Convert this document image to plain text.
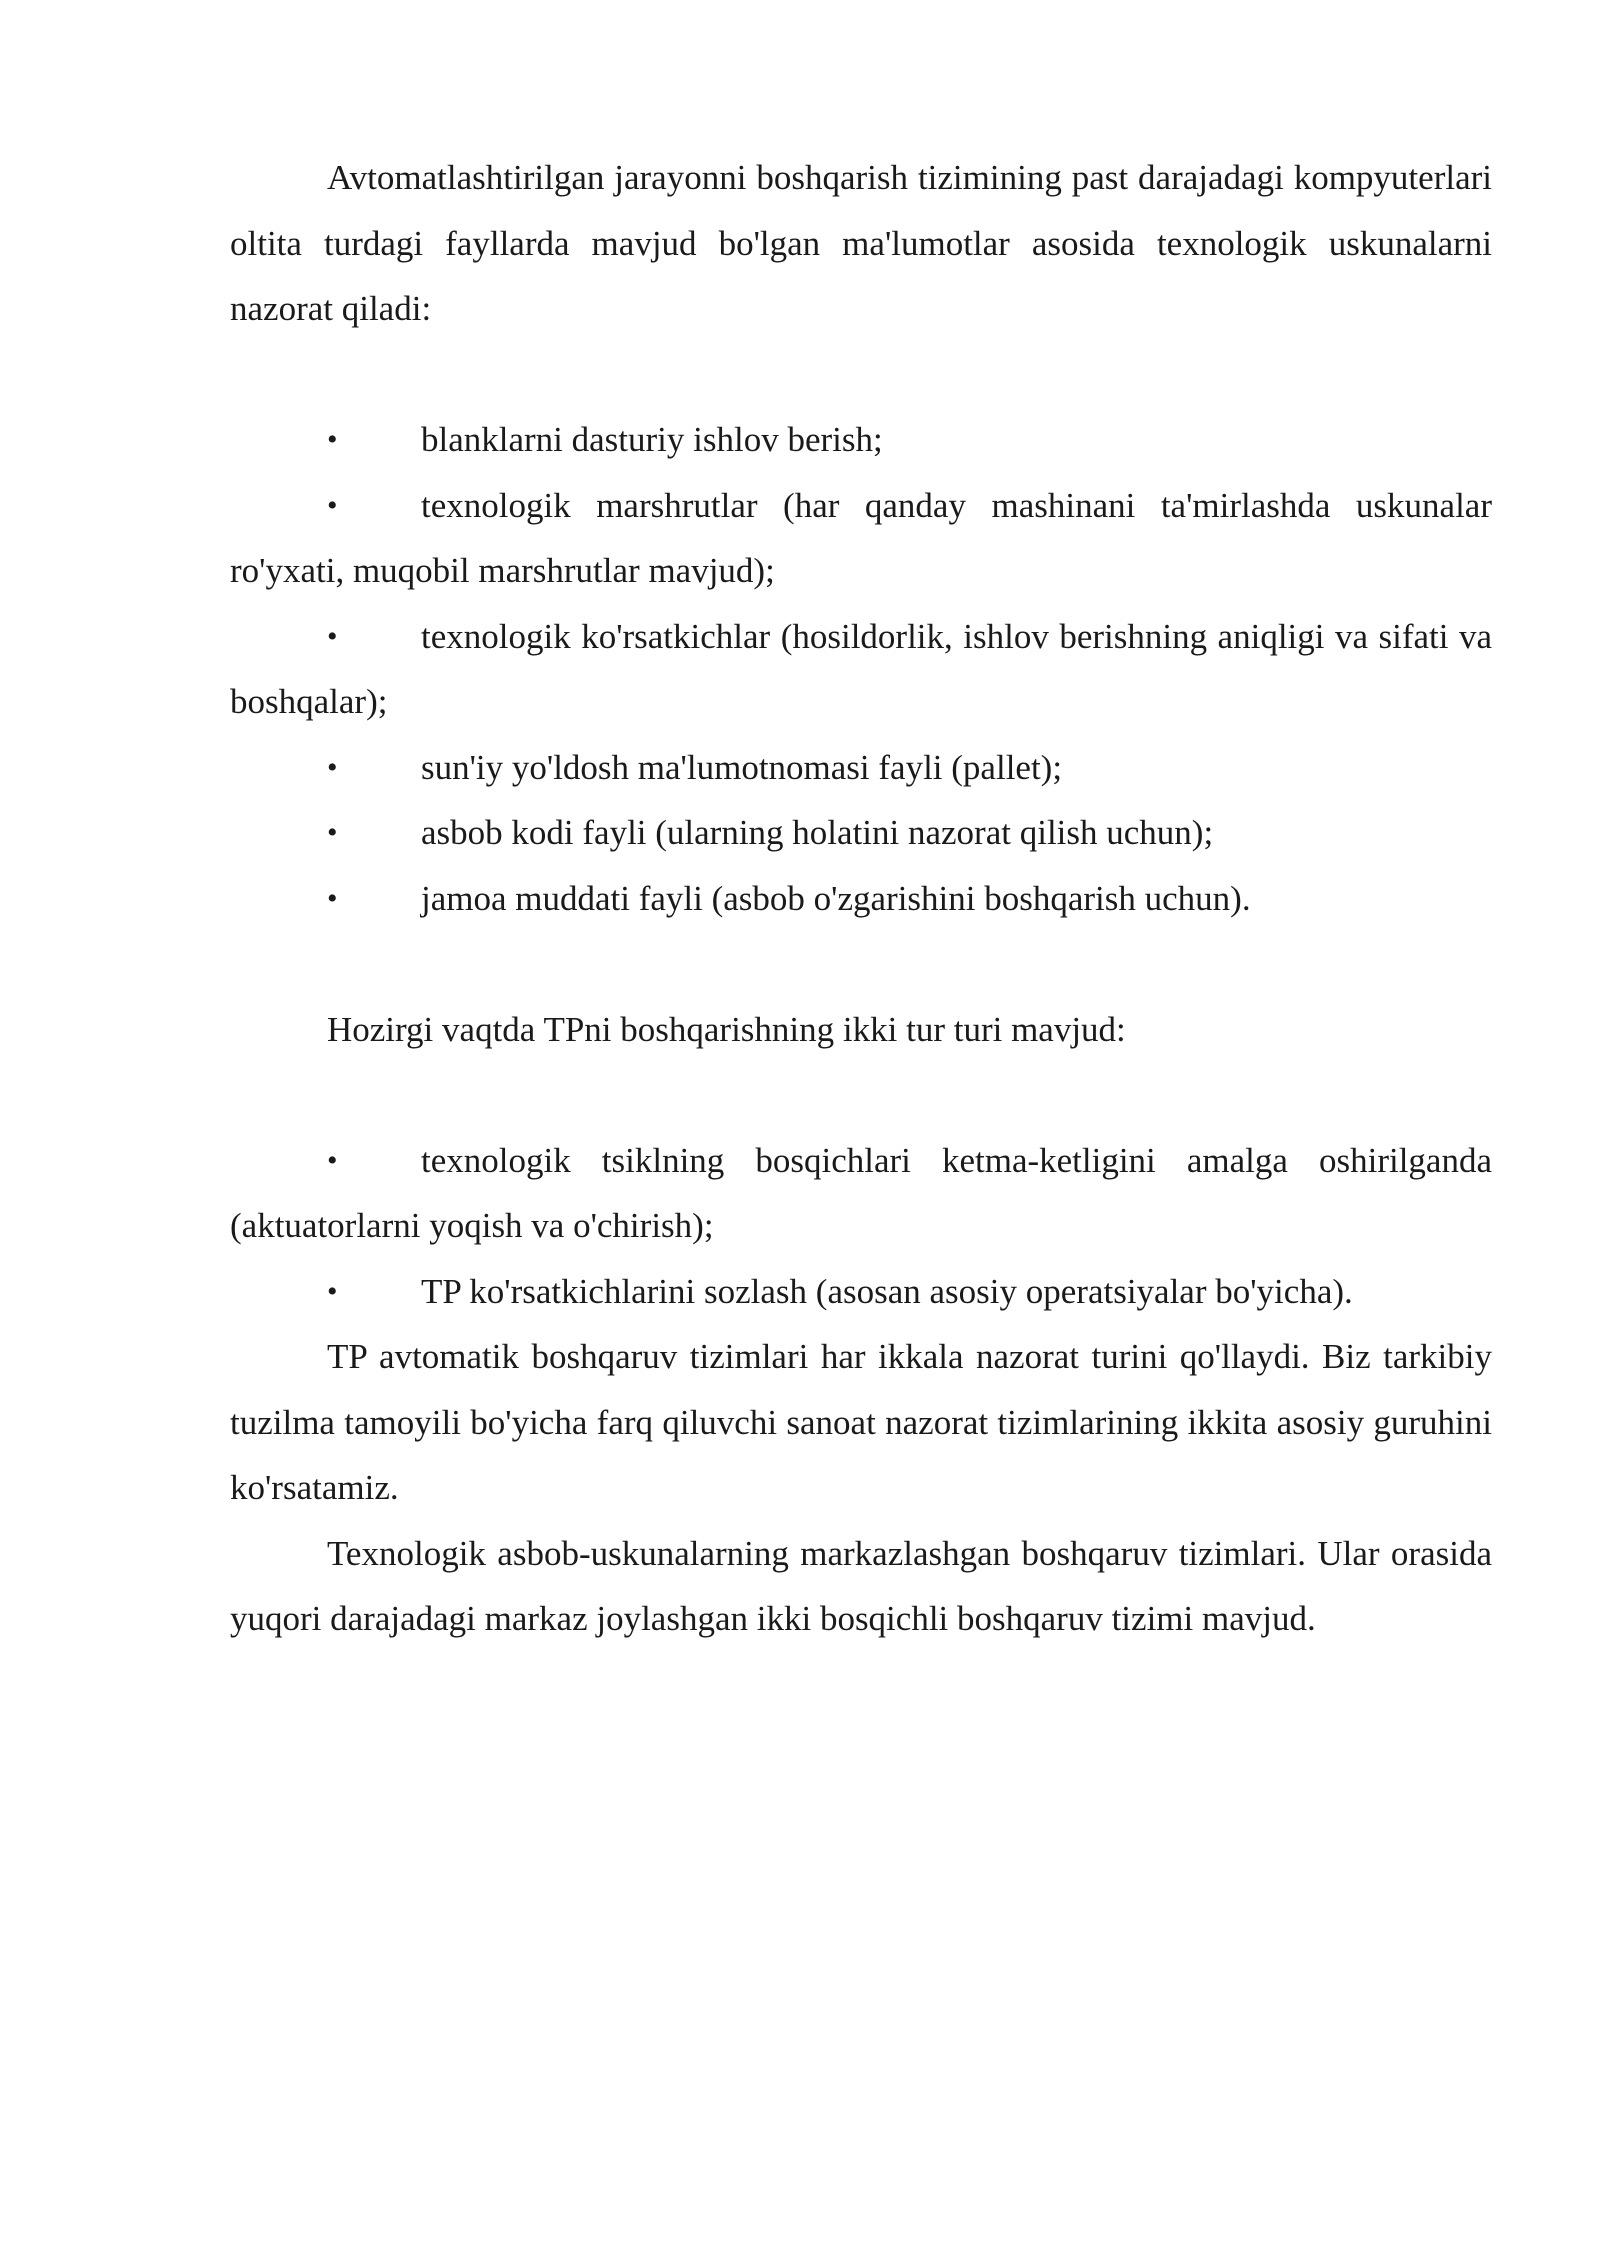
Avtomatlashtirilgan jarayonni boshqarish tizimining past darajadagi kompyuterlari oltita turdagi fayllarda mavjud bo'lgan ma'lumotlar asosida texnologik uskunalarni nazorat qiladi:

• blanklarni dasturiy ishlov berish;
• texnologik marshrutlar (har qanday mashinani ta'mirlashda uskunalar ro'yxati, muqobil marshrutlar mavjud);
• texnologik ko'rsatkichlar (hosildorlik, ishlov berishning aniqligi va sifati va boshqalar);
• sun'iy yo'ldosh ma'lumotnomasi fayli (pallet);
• asbob kodi fayli (ularning holatini nazorat qilish uchun);
• jamoa muddati fayli (asbob o'zgarishini boshqarish uchun).

Hozirgi vaqtda TPni boshqarishning ikki tur turi mavjud:

• texnologik tsiklning bosqichlari ketma-ketligini amalga oshirilganda (aktuatorlarni yoqish va o'chirish);
• TP ko'rsatkichlarini sozlash (asosan asosiy operatsiyalar bo'yicha).

TP avtomatik boshqaruv tizimlari har ikkala nazorat turini qo'llaydi. Biz tarkibiy tuzilma tamoyili bo'yicha farq qiluvchi sanoat nazorat tizimlarining ikkita asosiy guruhini ko'rsatamiz.

Texnologik asbob-uskunalarning markazlashgan boshqaruv tizimlari. Ular orasida yuqori darajadagi markaz joylashgan ikki bosqichli boshqaruv tizimi mavjud.
